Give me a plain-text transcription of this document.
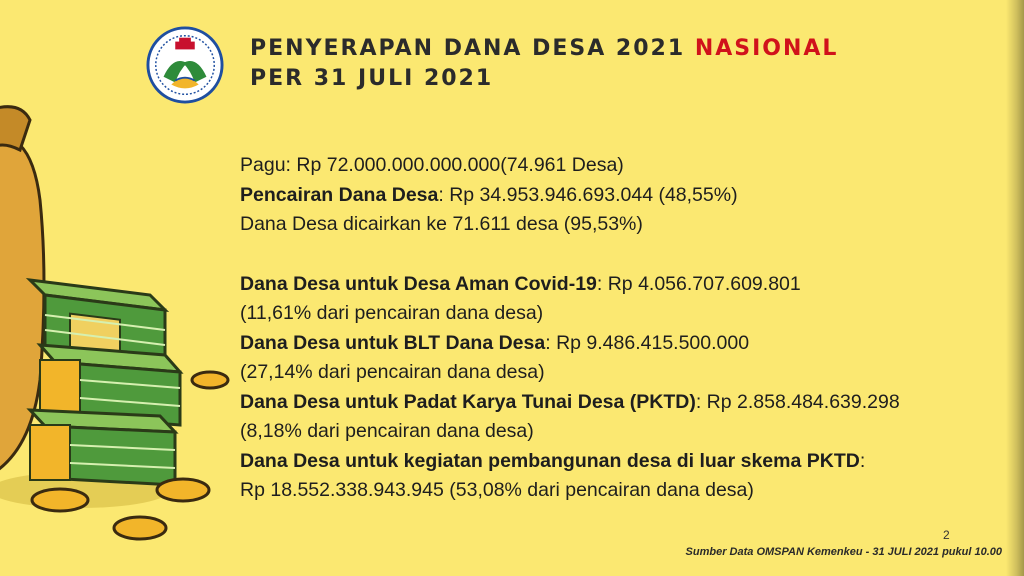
PENYERAPAN DANA DESA 2021 NASIONAL
PER 31 JULI 2021
Pagu: Rp 72.000.000.000.000(74.961 Desa)
Pencairan Dana Desa: Rp 34.953.946.693.044 (48,55%)
Dana Desa dicairkan ke 71.611 desa (95,53%)
Dana Desa untuk Desa Aman Covid-19: Rp 4.056.707.609.801
(11,61% dari pencairan dana desa)
Dana Desa untuk BLT Dana Desa: Rp 9.486.415.500.000
(27,14% dari pencairan dana desa)
Dana Desa untuk Padat Karya Tunai Desa (PKTD): Rp 2.858.484.639.298
(8,18% dari pencairan dana desa)
Dana Desa untuk kegiatan pembangunan desa di luar skema PKTD:
Rp 18.552.338.943.945 (53,08% dari pencairan dana desa)
2
Sumber Data OMSPAN Kemenkeu - 31 JULI 2021 pukul 10.00
